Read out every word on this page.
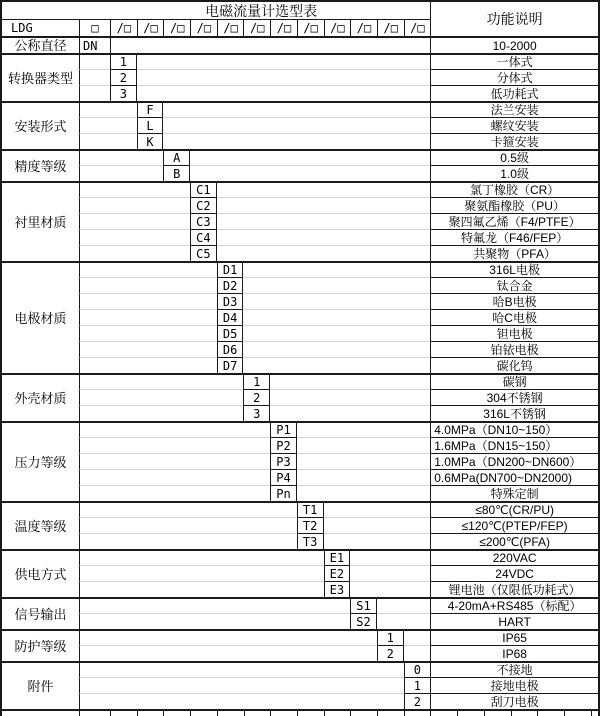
电磁流量计选型表
功能说明
LDG	□	/□	/□	/□	/□	/□	/□	/□	/□	/□	/□	/□	/□
公称直径	DN	10-2000
转换器类型
1	一体式
2	分体式
3	低功耗式
安装形式
F	法兰安装
L	螺纹安装
K	卡箍安装
精度等级
A	0.5级
B	1.0级
衬里材质
C1	氯丁橡胶（CR）
C2	聚氨酯橡胶（PU）
C3	聚四氟乙烯（F4/PTFE）
C4	特氟龙（F46/FEP）
C5	共聚物（PFA）
电极材质
D1	316L电极
D2	钛合金
D3	哈B电极
D4	哈C电极
D5	钽电极
D6	铂铱电极
D7	碳化钨
外壳材质
1	碳钢
2	304不锈钢
3	316L不锈钢
压力等级
P1	4.0MPa（DN10~150）
P2	1.6MPa（DN15~150）
P3	1.0MPa（DN200~DN600）
P4	0.6MPa(DN700~DN2000)
Pn	特殊定制
温度等级
T1	≤80℃(CR/PU)
T2	≤120℃(PTEP/FEP)
T3	≤200℃(PFA)
供电方式
E1	220VAC
E2	24VDC
E3	锂电池（仅限低功耗式）
信号输出
S1	4-20mA+RS485（标配）
S2	HART
防护等级
1	IP65
2	IP68
附件
0	不接地
1	接地电极
2	刮刀电极
